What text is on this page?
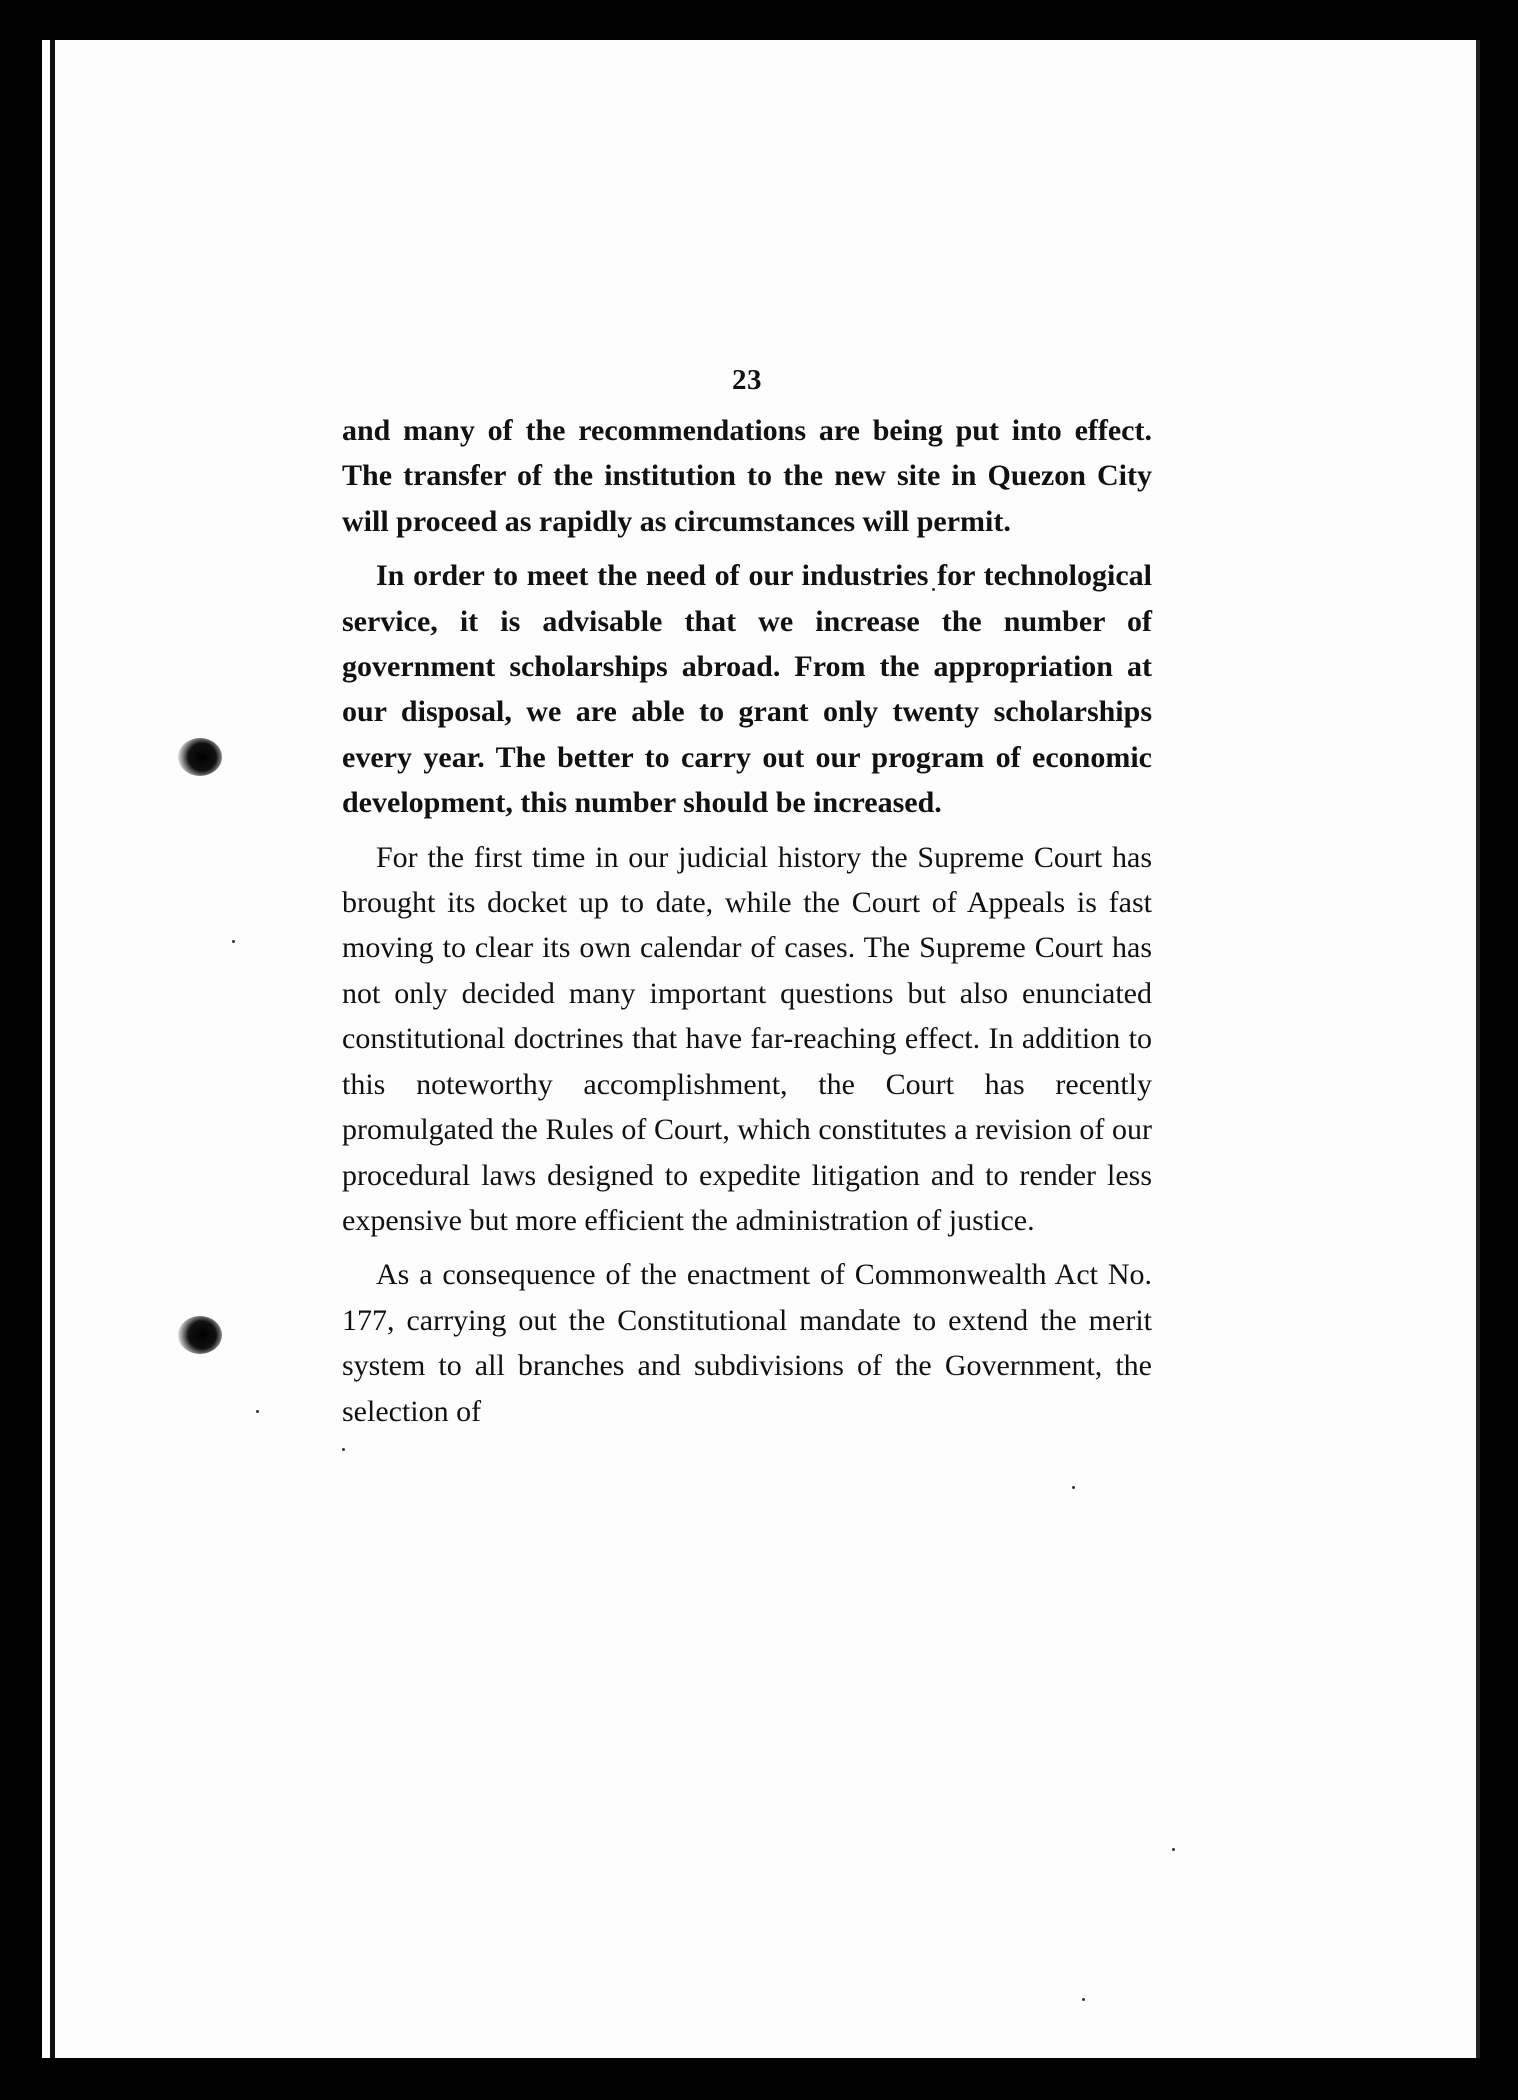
23

and many of the recommendations are being put into effect. The transfer of the institution to the new site in Quezon City will proceed as rapidly as circumstances will permit.

In order to meet the need of our industries for technological service, it is advisable that we increase the number of government scholarships abroad. From the appropriation at our disposal, we are able to grant only twenty scholarships every year. The better to carry out our program of economic development, this number should be increased.

For the first time in our judicial history the Supreme Court has brought its docket up to date, while the Court of Appeals is fast moving to clear its own calendar of cases. The Supreme Court has not only decided many important questions but also enunciated constitutional doctrines that have far-reaching effect. In addition to this noteworthy accomplishment, the Court has recently promulgated the Rules of Court, which constitutes a revision of our procedural laws designed to expedite litigation and to render less expensive but more efficient the administration of justice.

As a consequence of the enactment of Commonwealth Act No. 177, carrying out the Constitutional mandate to extend the merit system to all branches and subdivisions of the Government, the selection of
